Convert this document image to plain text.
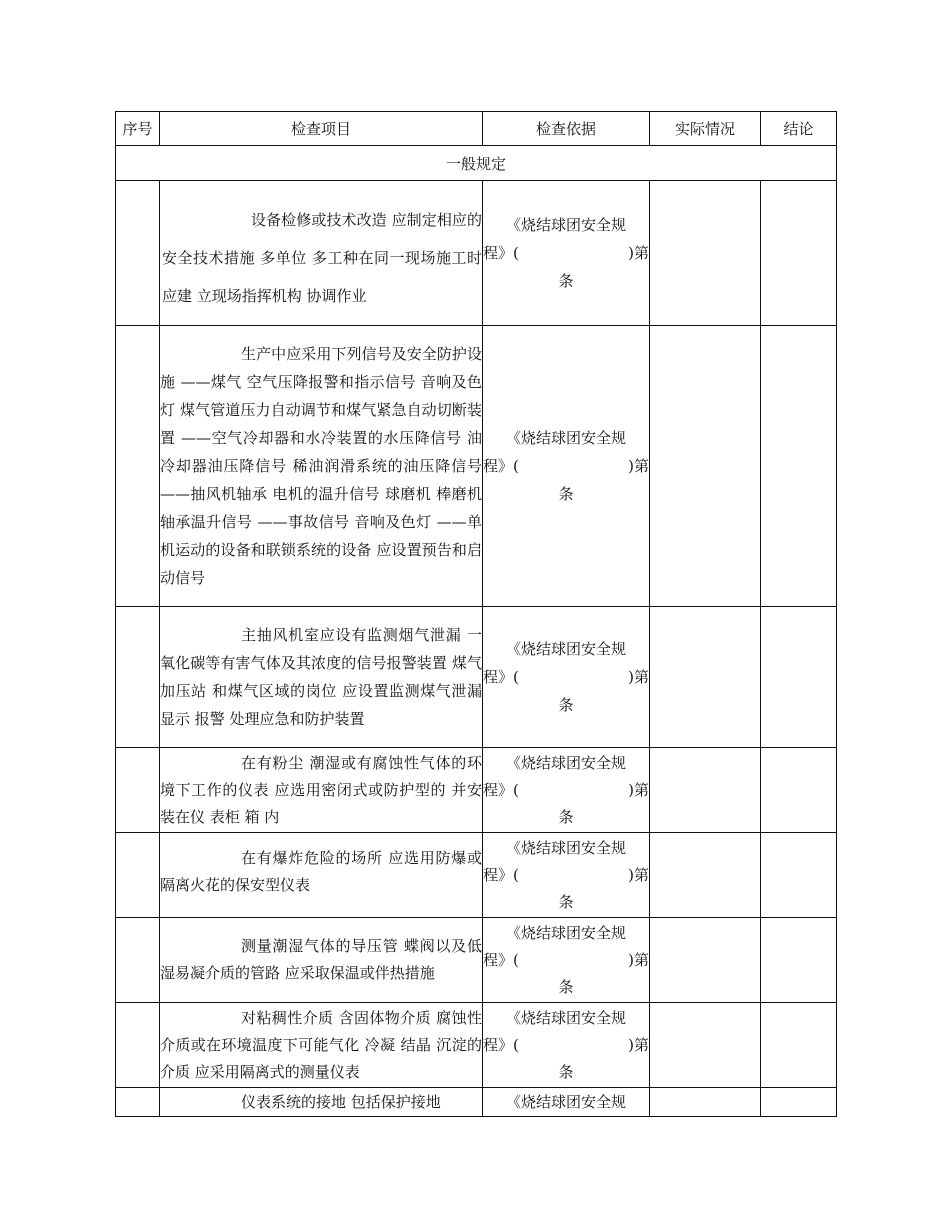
序号	检查项目	检查依据	实际情况	结论
一般规定				

	设备检修或技术改造 应制定相应的安全技术措施 多单位 多工种在同一现场施工时 应建 立现场指挥机构 协调作业	《烧结球团安全规
程》( )第
条		

	生产中应采用下列信号及安全防护设施 ——煤气 空气压降报警和指示信号 音响及色灯 煤气管道压力自动调节和煤气紧急自动切断装置 ——空气冷却器和水冷装置的水压降信号 油冷却器油压降信号 稀油润滑系统的油压降信号 ——抽风机轴承 电机的温升信号 球磨机 棒磨机轴承温升信号 ——事故信号 音响及色灯 ——单机运动的设备和联锁系统的设备 应设置预告和启动信号	《烧结球团安全规
程》( )第
条		

	主抽风机室应设有监测烟气泄漏 一氧化碳等有害气体及其浓度的信号报警装置 煤气加压站 和煤气区域的岗位 应设置监测煤气泄漏显示 报警 处理应急和防护装置	《烧结球团安全规
程》( )第
条		

	在有粉尘 潮湿或有腐蚀性气体的环境下工作的仪表 应选用密闭式或防护型的 并安装在仪 表柜 箱 内	《烧结球团安全规
程》( )第
条		

	在有爆炸危险的场所 应选用防爆或隔离火花的保安型仪表	《烧结球团安全规
程》( )第
条		

	测量潮湿气体的导压管 蝶阀以及低湿易凝介质的管路 应采取保温或伴热措施	《烧结球团安全规
程》( )第
条		

	对粘稠性介质 含固体物介质 腐蚀性介质或在环境温度下可能气化 冷凝 结晶 沉淀的介质 应采用隔离式的测量仪表	《烧结球团安全规
程》( )第
条		

	仪表系统的接地 包括保护接地	《烧结球团安全规		
